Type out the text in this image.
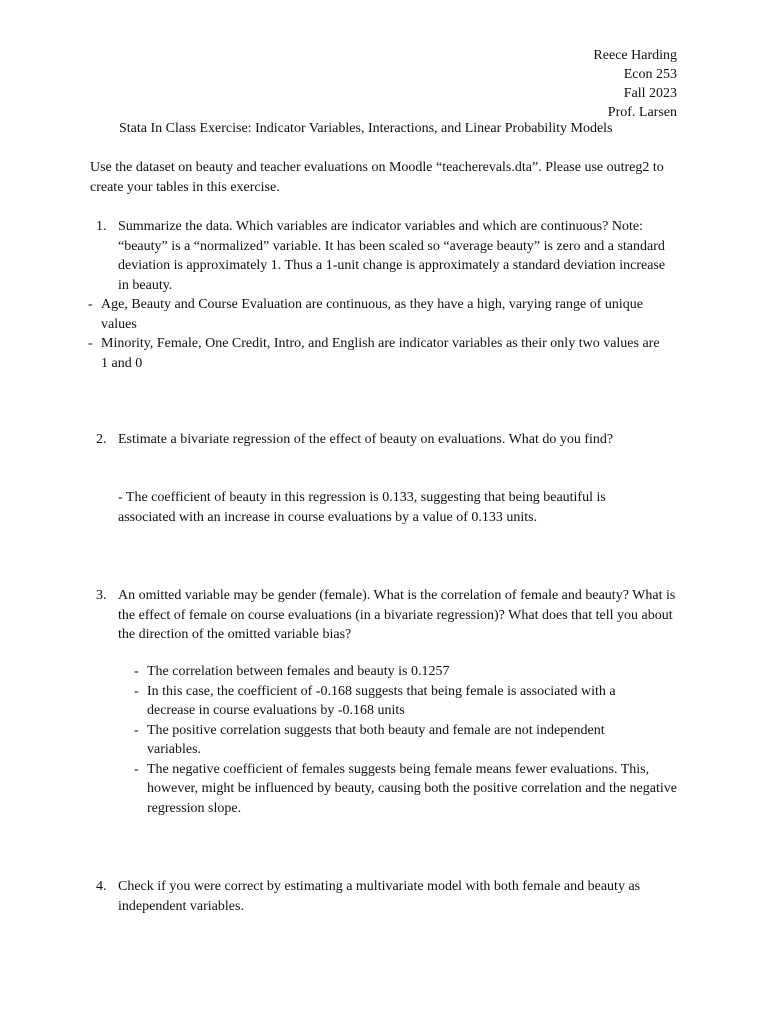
Reece Harding
Econ 253
Fall 2023
Prof. Larsen
Stata In Class Exercise: Indicator Variables, Interactions, and Linear Probability Models
Use the dataset on beauty and teacher evaluations on Moodle “teacherevals.dta”. Please use outreg2 to create your tables in this exercise.
1. Summarize the data. Which variables are indicator variables and which are continuous? Note: “beauty” is a “normalized” variable. It has been scaled so “average beauty” is zero and a standard deviation is approximately 1. Thus a 1-unit change is approximately a standard deviation increase in beauty.
- Age, Beauty and Course Evaluation are continuous, as they have a high, varying range of unique values
- Minority, Female, One Credit, Intro, and English are indicator variables as their only two values are 1 and 0
2. Estimate a bivariate regression of the effect of beauty on evaluations. What do you find?
- The coefficient of beauty in this regression is 0.133, suggesting that being beautiful is associated with an increase in course evaluations by a value of 0.133 units.
3. An omitted variable may be gender (female). What is the correlation of female and beauty? What is the effect of female on course evaluations (in a bivariate regression)? What does that tell you about the direction of the omitted variable bias?
- The correlation between females and beauty is 0.1257
- In this case, the coefficient of -0.168 suggests that being female is associated with a decrease in course evaluations by -0.168 units
- The positive correlation suggests that both beauty and female are not independent variables.
- The negative coefficient of females suggests being female means fewer evaluations. This, however, might be influenced by beauty, causing both the positive correlation and the negative regression slope.
4. Check if you were correct by estimating a multivariate model with both female and beauty as independent variables.
